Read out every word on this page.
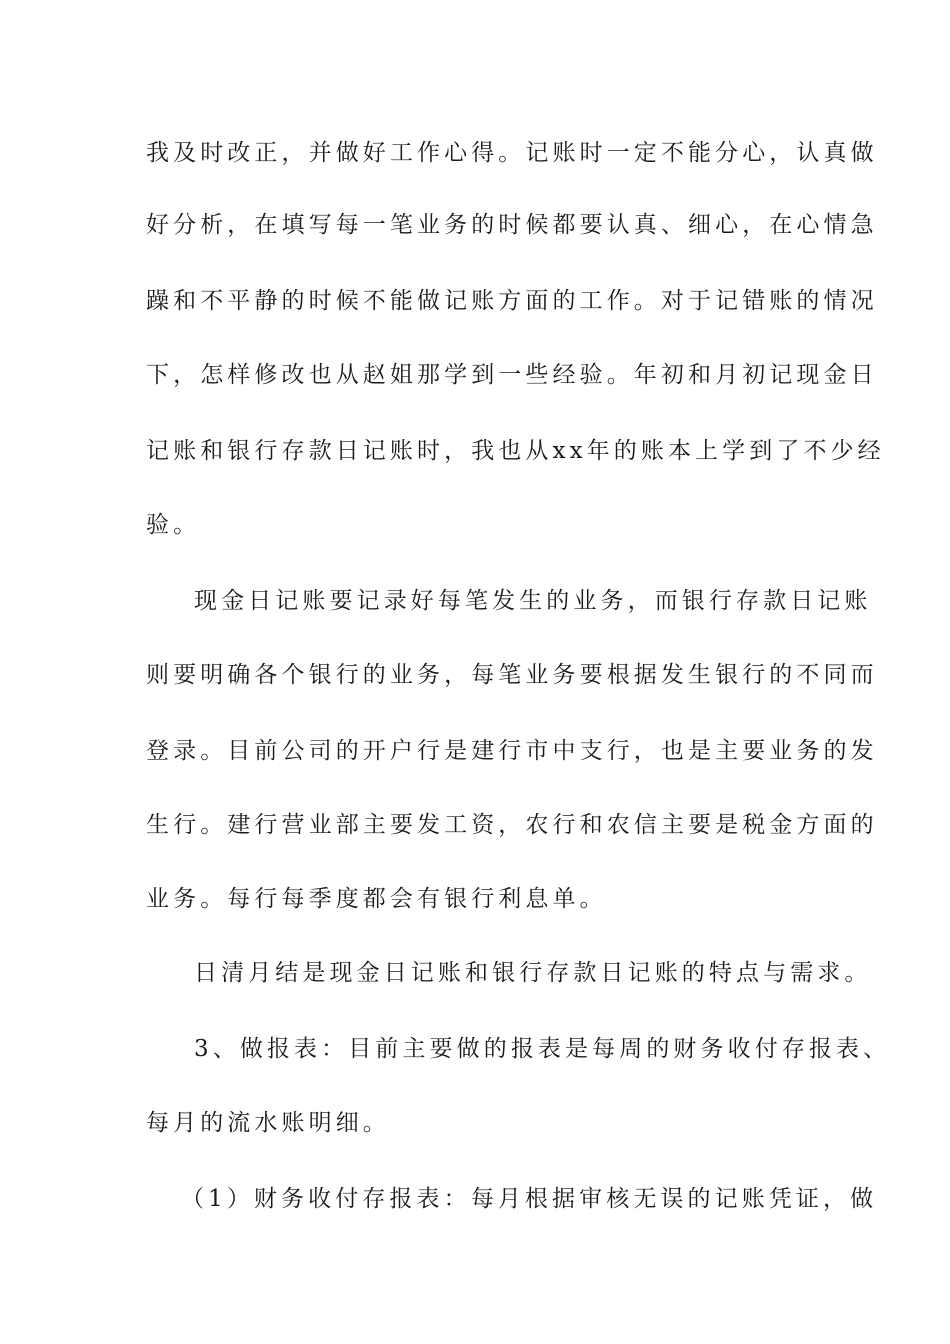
我及时改正，并做好工作心得。记账时一定不能分心，认真做
好分析，在填写每一笔业务的时候都要认真、细心，在心情急
躁和不平静的时候不能做记账方面的工作。对于记错账的情况
下，怎样修改也从赵姐那学到一些经验。年初和月初记现金日
记账和银行存款日记账时，我也从xx年的账本上学到了不少经
验。
现金日记账要记录好每笔发生的业务，而银行存款日记账
则要明确各个银行的业务，每笔业务要根据发生银行的不同而
登录。目前公司的开户行是建行市中支行，也是主要业务的发
生行。建行营业部主要发工资，农行和农信主要是税金方面的
业务。每行每季度都会有银行利息单。
日清月结是现金日记账和银行存款日记账的特点与需求。
3、做报表：目前主要做的报表是每周的财务收付存报表、
每月的流水账明细。
（1）财务收付存报表：每月根据审核无误的记账凭证，做
